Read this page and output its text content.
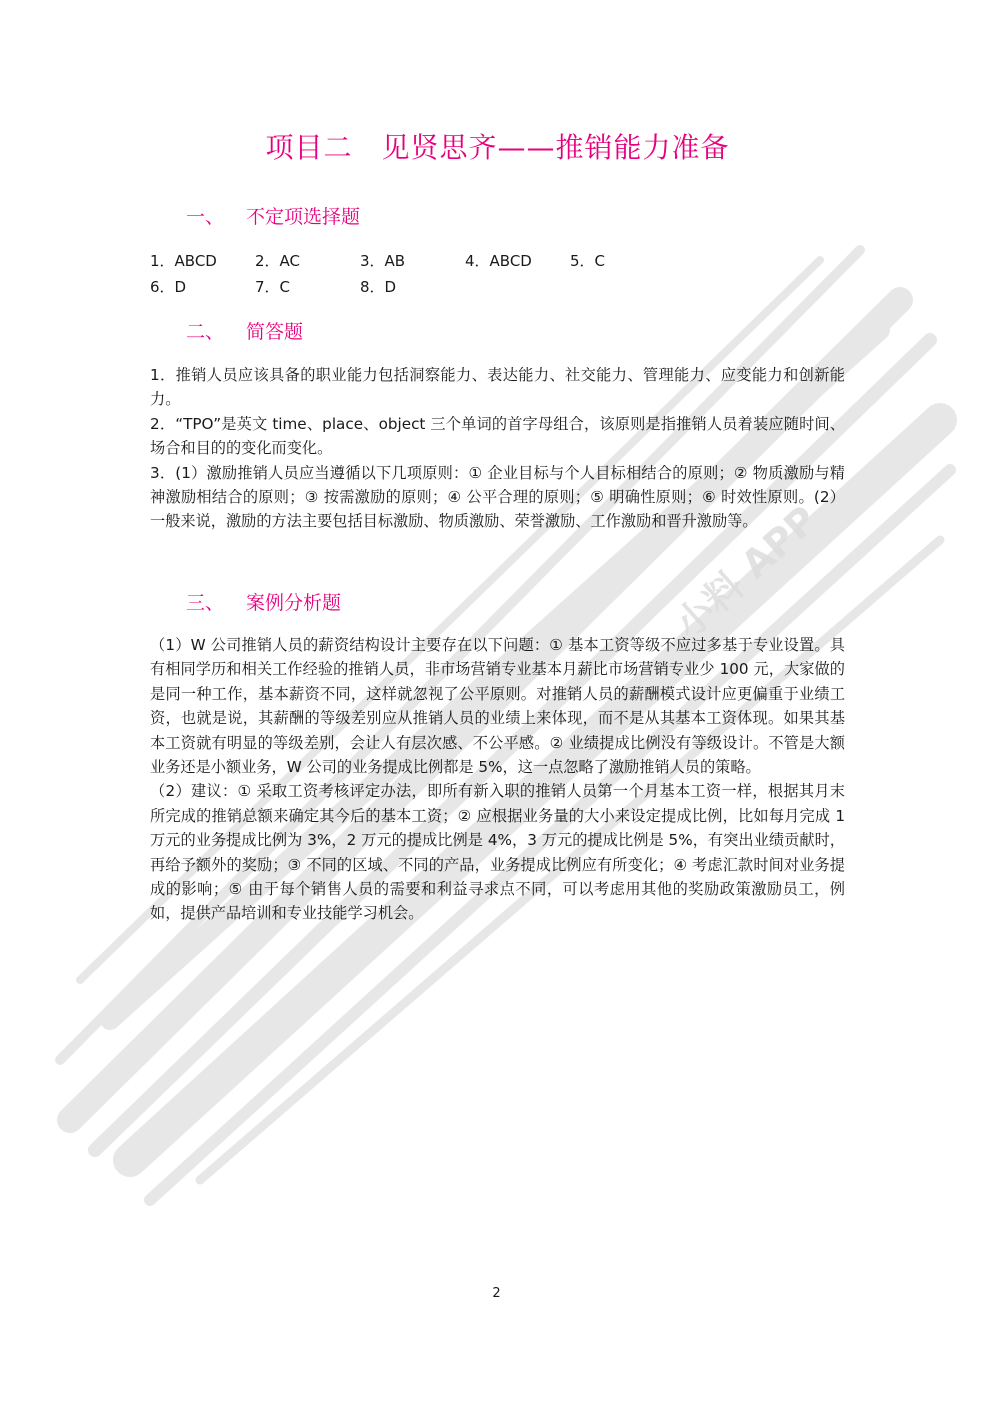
小料 APP
项目二　见贤思齐——推销能力准备
一、 不定项选择题
1．ABCD	2．AC	3．AB	4．ABCD	5．C
6．D	7．C	8．D
二、 简答题

1．推销人员应该具备的职业能力包括洞察能力、表达能力、社交能力、管理能力、应变能力和创新能力。

2．“TPO”是英文 time、place、object 三个单词的首字母组合，该原则是指推销人员着装应随时间、场合和目的的变化而变化。

3．(1）激励推销人员应当遵循以下几项原则：① 企业目标与个人目标相结合的原则；② 物质激励与精神激励相结合的原则；③ 按需激励的原则；④ 公平合理的原则；⑤ 明确性原则；⑥ 时效性原则。(2）一般来说，激励的方法主要包括目标激励、物质激励、荣誉激励、工作激励和晋升激励等。

三、 案例分析题

（1）W 公司推销人员的薪资结构设计主要存在以下问题：① 基本工资等级不应过多基于专业设置。具有相同学历和相关工作经验的推销人员，非市场营销专业基本月薪比市场营销专业少 100 元，大家做的是同一种工作，基本薪资不同，这样就忽视了公平原则。对推销人员的薪酬模式设计应更偏重于业绩工资，也就是说，其薪酬的等级差别应从推销人员的业绩上来体现，而不是从其基本工资体现。如果其基本工资就有明显的等级差别，会让人有层次感、不公平感。② 业绩提成比例没有等级设计。不管是大额业务还是小额业务，W 公司的业务提成比例都是 5%，这一点忽略了激励推销人员的策略。

（2）建议：① 采取工资考核评定办法，即所有新入职的推销人员第一个月基本工资一样，根据其月末所完成的推销总额来确定其今后的基本工资；② 应根据业务量的大小来设定提成比例，比如每月完成 1 万元的业务提成比例为 3%，2 万元的提成比例是 4%，3 万元的提成比例是 5%，有突出业绩贡献时，再给予额外的奖励；③ 不同的区域、不同的产品，业务提成比例应有所变化；④ 考虑汇款时间对业务提成的影响；⑤ 由于每个销售人员的需要和利益寻求点不同，可以考虑用其他的奖励政策激励员工，例如，提供产品培训和专业技能学习机会。

2
